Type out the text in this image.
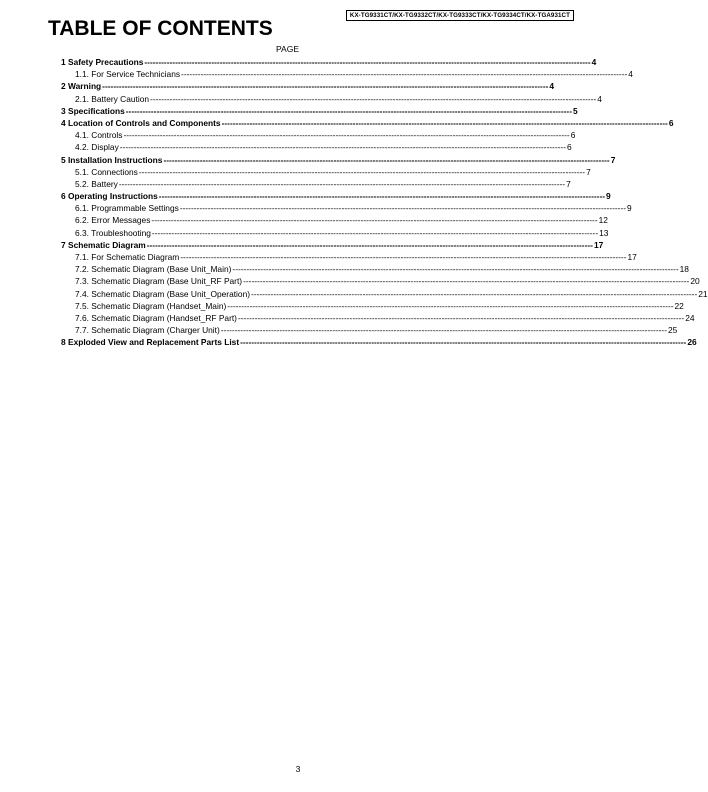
KX-TG9331CT/KX-TG9332CT/KX-TG9333CT/KX-TG9334CT/KX-TGA931CT
TABLE OF CONTENTS
PAGE
1 Safety Precautions ---------------------------------------------------------------------------------------------------------------------------------------------------------------- 4
1.1. For Service Technicians ---------------------------------------------------------------------------------------------------------------------------------------------------------------- 4
2 Warning ---------------------------------------------------------------------------------------------------------------------------------------------------------------- 4
2.1. Battery Caution ---------------------------------------------------------------------------------------------------------------------------------------------------------------- 4
3 Specifications ---------------------------------------------------------------------------------------------------------------------------------------------------------------- 5
4 Location of Controls and Components ---------------------------------------------------------------------------------------------------------------------------------------------------------------- 6
4.1. Controls ---------------------------------------------------------------------------------------------------------------------------------------------------------------- 6
4.2. Display ---------------------------------------------------------------------------------------------------------------------------------------------------------------- 6
5 Installation Instructions ---------------------------------------------------------------------------------------------------------------------------------------------------------------- 7
5.1. Connections ---------------------------------------------------------------------------------------------------------------------------------------------------------------- 7
5.2. Battery ---------------------------------------------------------------------------------------------------------------------------------------------------------------- 7
6 Operating Instructions ---------------------------------------------------------------------------------------------------------------------------------------------------------------- 9
6.1. Programmable Settings ---------------------------------------------------------------------------------------------------------------------------------------------------------------- 9
6.2. Error Messages ---------------------------------------------------------------------------------------------------------------------------------------------------------------- 12
6.3. Troubleshooting ---------------------------------------------------------------------------------------------------------------------------------------------------------------- 13
7 Schematic Diagram ---------------------------------------------------------------------------------------------------------------------------------------------------------------- 17
7.1. For Schematic Diagram ---------------------------------------------------------------------------------------------------------------------------------------------------------------- 17
7.2. Schematic Diagram (Base Unit_Main) ---------------------------------------------------------------------------------------------------------------------------------------------------------------- 18
7.3. Schematic Diagram (Base Unit_RF Part) ---------------------------------------------------------------------------------------------------------------------------------------------------------------- 20
7.4. Schematic Diagram (Base Unit_Operation) ---------------------------------------------------------------------------------------------------------------------------------------------------------------- 21
7.5. Schematic Diagram (Handset_Main) ---------------------------------------------------------------------------------------------------------------------------------------------------------------- 22
7.6. Schematic Diagram (Handset_RF Part) ---------------------------------------------------------------------------------------------------------------------------------------------------------------- 24
7.7. Schematic Diagram (Charger Unit) ---------------------------------------------------------------------------------------------------------------------------------------------------------------- 25
8 Exploded View and Replacement Parts List ---------------------------------------------------------------------------------------------------------------------------------------------------------------- 26
3
